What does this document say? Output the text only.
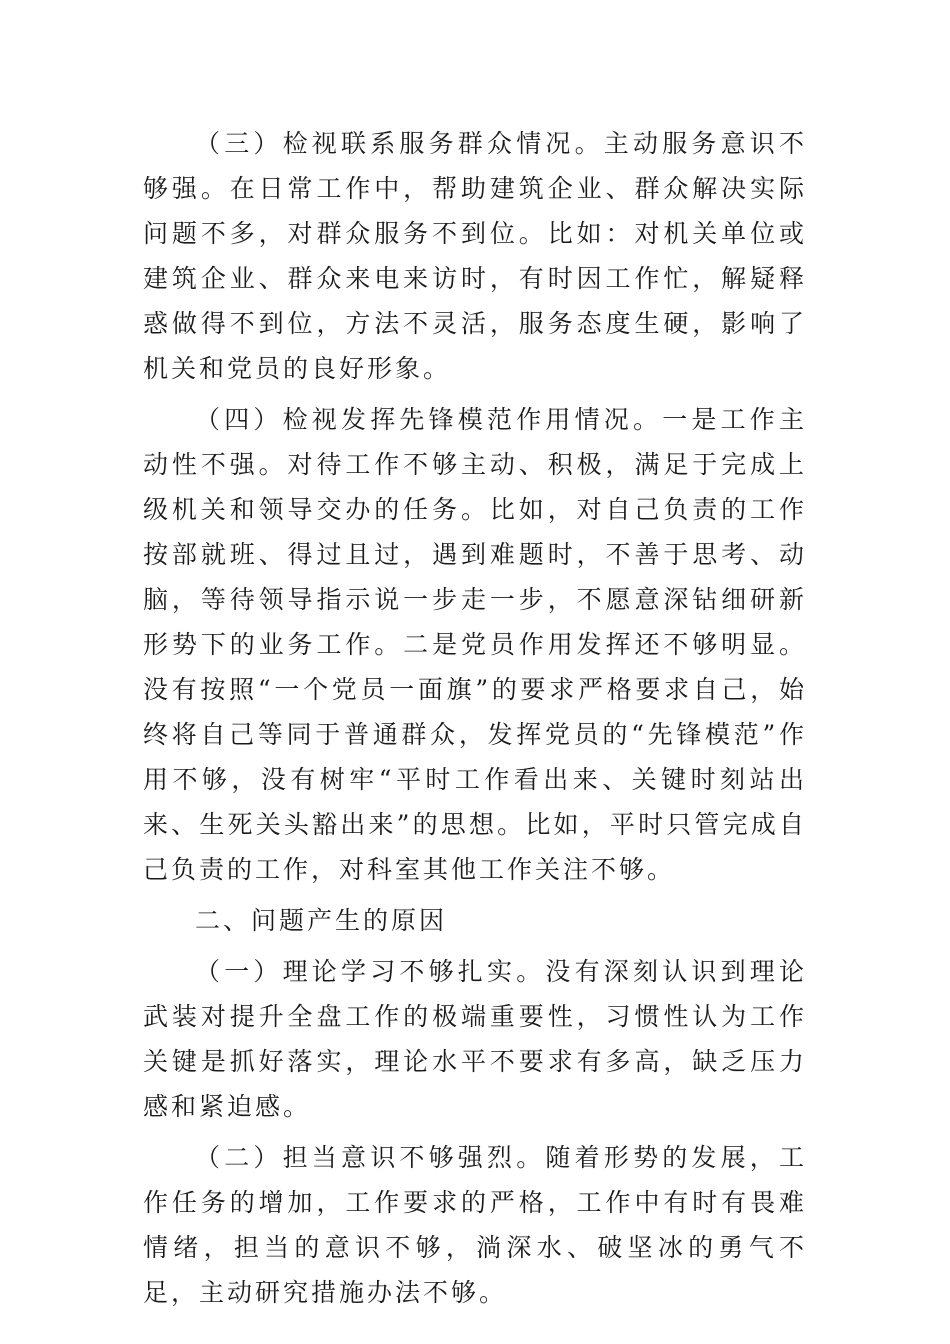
（三）检视联系服务群众情况。主动服务意识不够强。在日常工作中，帮助建筑企业、群众解决实际问题不多，对群众服务不到位。比如：对机关单位或建筑企业、群众来电来访时，有时因工作忙，解疑释惑做得不到位，方法不灵活，服务态度生硬，影响了机关和党员的良好形象。

（四）检视发挥先锋模范作用情况。一是工作主动性不强。对待工作不够主动、积极，满足于完成上级机关和领导交办的任务。比如，对自己负责的工作按部就班、得过且过，遇到难题时，不善于思考、动脑，等待领导指示说一步走一步，不愿意深钻细研新形势下的业务工作。二是党员作用发挥还不够明显。没有按照“一个党员一面旗”的要求严格要求自己，始终将自己等同于普通群众，发挥党员的“先锋模范”作用不够，没有树牢“平时工作看出来、关键时刻站出来、生死关头豁出来”的思想。比如，平时只管完成自己负责的工作，对科室其他工作关注不够。

二、问题产生的原因

（一）理论学习不够扎实。没有深刻认识到理论武装对提升全盘工作的极端重要性，习惯性认为工作关键是抓好落实，理论水平不要求有多高，缺乏压力感和紧迫感。

（二）担当意识不够强烈。随着形势的发展，工作任务的增加，工作要求的严格，工作中有时有畏难情绪，担当的意识不够，淌深水、破坚冰的勇气不足，主动研究措施办法不够。
